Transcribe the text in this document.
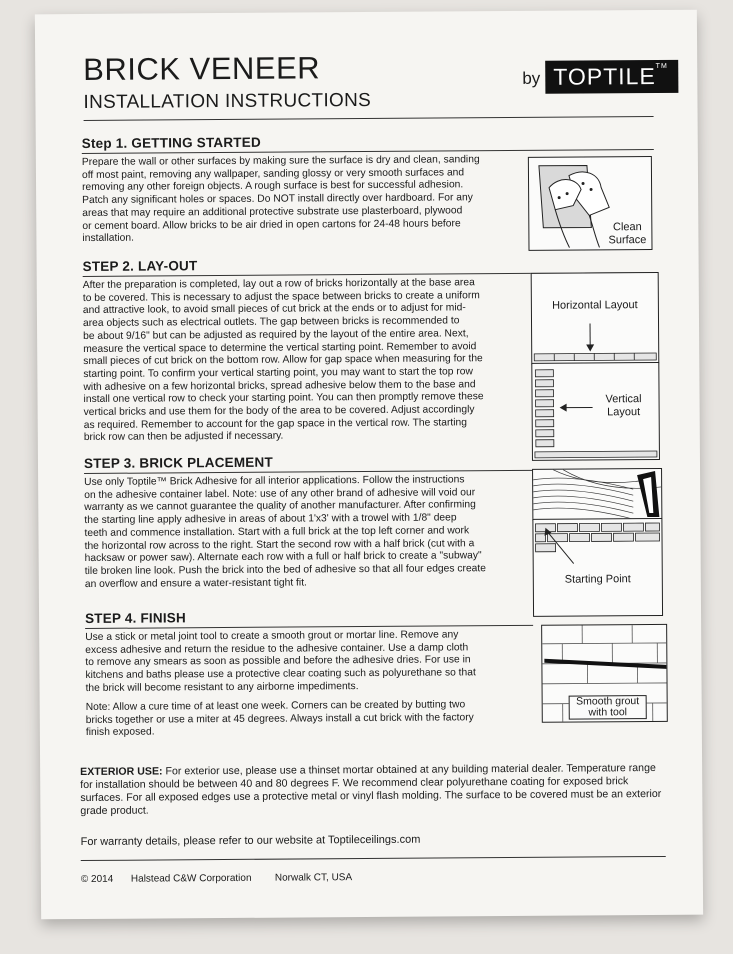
BRICK VENEER
INSTALLATION INSTRUCTIONS
by TOPTILE™
Step 1. GETTING STARTED

Prepare the wall or other surfaces by making sure the surface is dry and clean, sanding

off most paint, removing any wallpaper, sanding glossy or very smooth surfaces and

removing any other foreign objects. A rough surface is best for successful adhesion.

Patch any significant holes or spaces. Do NOT install directly over hardboard. For any

areas that may require an additional protective substrate use plasterboard, plywood

or cement board. Allow bricks to be air dried in open cartons for 24-48 hours before

installation.

Clean
Surface
STEP 2. LAY-OUT

After the preparation is completed, lay out a row of bricks horizontally at the base area

to be covered. This is necessary to adjust the space between bricks to create a uniform

and attractive look, to avoid small pieces of cut brick at the ends or to adjust for mid-

area objects such as electrical outlets. The gap between bricks is recommended to

be about 9/16" but can be adjusted as required by the layout of the entire area. Next,

measure the vertical space to determine the vertical starting point. Remember to avoid

small pieces of cut brick on the bottom row. Allow for gap space when measuring for the

starting point. To confirm your vertical starting point, you may want to start the top row

with adhesive on a few horizontal bricks, spread adhesive below them to the base and

install one vertical row to check your starting point. You can then promptly remove these

vertical bricks and use them for the body of the area to be covered. Adjust accordingly

as required. Remember to account for the gap space in the vertical row. The starting

brick row can then be adjusted if necessary.

Horizontal Layout
Vertical
Layout
STEP 3. BRICK PLACEMENT

Use only Toptile™ Brick Adhesive for all interior applications. Follow the instructions

on the adhesive container label. Note: use of any other brand of adhesive will void our

warranty as we cannot guarantee the quality of another manufacturer. After confirming

the starting line apply adhesive in areas of about 1'x3' with a trowel with 1/8" deep

teeth and commence installation. Start with a full brick at the top left corner and work

the horizontal row across to the right. Start the second row with a half brick (cut with a

hacksaw or power saw). Alternate each row with a full or half brick to create a "subway"

tile broken line look. Push the brick into the bed of adhesive so that all four edges create

an overflow and ensure a water-resistant tight fit.	Starting Point
STEP 4. FINISH

Use a stick or metal joint tool to create a smooth grout or mortar line. Remove any

excess adhesive and return the residue to the adhesive container. Use a damp cloth

to remove any smears as soon as possible and before the adhesive dries. For use in

kitchens and baths please use a protective clear coating such as polyurethane so that

the brick will become resistant to any airborne impediments.

Note: Allow a cure time of at least one week. Corners can be created by butting two

bricks together or use a miter at 45 degrees. Always install a cut brick with the factory

finish exposed.

Smooth grout
with tool
EXTERIOR USE: For exterior use, please use a thinset mortar obtained at any building material dealer. Temperature range for installation should be between 40 and 80 degrees F. We recommend clear polyurethane coating for exposed brick surfaces. For all exposed edges use a protective metal or vinyl flash molding. The surface to be covered must be an exterior grade product.
For warranty details, please refer to our website at Toptileceilings.com
© 2014 Halstead C&W Corporation Norwalk CT, USA
